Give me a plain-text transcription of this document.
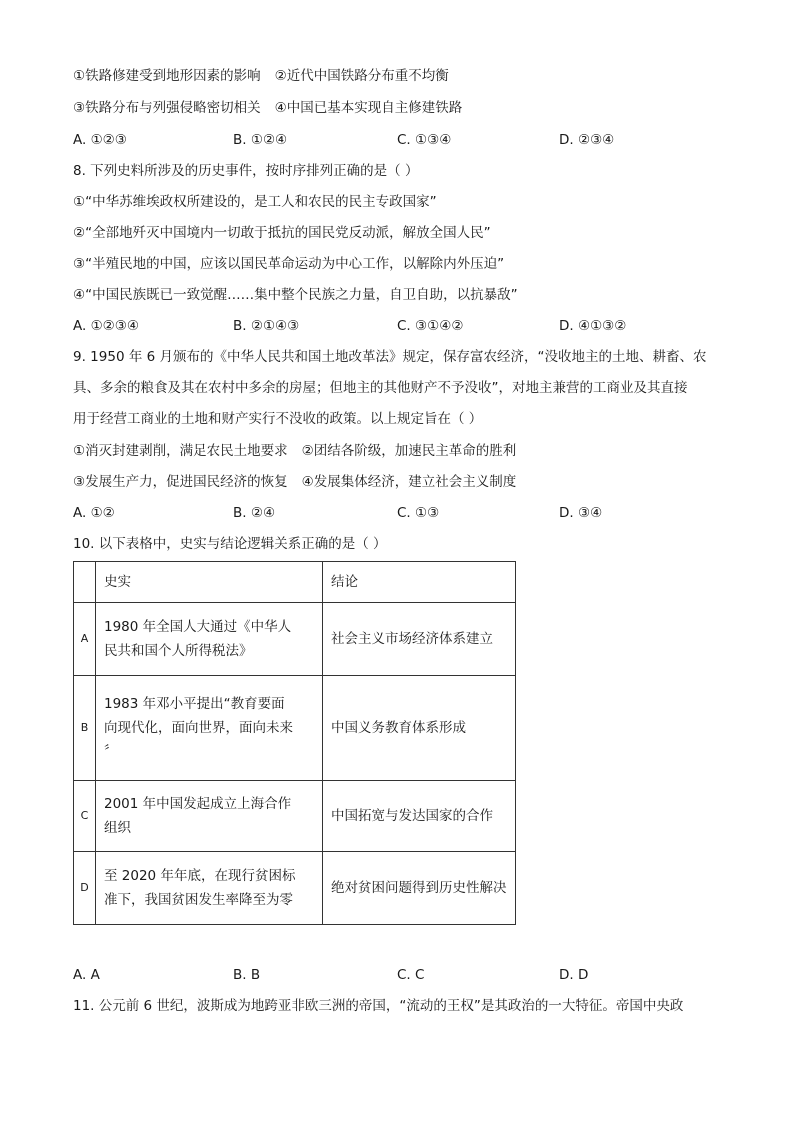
①铁路修建受到地形因素的影响 ②近代中国铁路分布重不均衡
③铁路分布与列强侵略密切相关 ④中国已基本实现自主修建铁路
A. ①②③	B. ①②④	C. ①③④	D. ②③④
8. 下列史料所涉及的历史事件，按时序排列正确的是（ ）
①“中华苏维埃政权所建设的，是工人和农民的民主专政国家”
②“全部地歼灭中国境内一切敢于抵抗的国民党反动派，解放全国人民”
③“半殖民地的中国，应该以国民革命运动为中心工作，以解除内外压迫”
④“中国民族既已一致觉醒……集中整个民族之力量，自卫自助，以抗暴敌”
A. ①②③④	B. ②①④③	C. ③①④②	D. ④①③②
9. 1950 年 6 月颁布的《中华人民共和国土地改革法》规定，保存富农经济，“没收地主的土地、耕畜、农
具、多余的粮食及其在农村中多余的房屋；但地主的其他财产不予没收”，对地主兼营的工商业及其直接
用于经营工商业的土地和财产实行不没收的政策。以上规定旨在（ ）
①消灭封建剥削，满足农民土地要求 ②团结各阶级，加速民主革命的胜利
③发展生产力，促进国民经济的恢复 ④发展集体经济，建立社会主义制度
A. ①②	B. ②④	C. ①③	D. ③④
10. 以下表格中，史实与结论逻辑关系正确的是（ ）
	史实	结论
A	1980 年全国人大通过《中华人
民共和国个人所得税法》	社会主义市场经济体系建立
B	1983 年邓小平提出“教育要面
向现代化，面向世界，面向未来
〞	中国义务教育体系形成
C	2001 年中国发起成立上海合作
组织	中国拓宽与发达国家的合作
D	至 2020 年年底，在现行贫困标
准下，我国贫困发生率降至为零	绝对贫困问题得到历史性解决
A. A	B. B	C. C	D. D
11. 公元前 6 世纪，波斯成为地跨亚非欧三洲的帝国，“流动的王权”是其政治的一大特征。帝国中央政
